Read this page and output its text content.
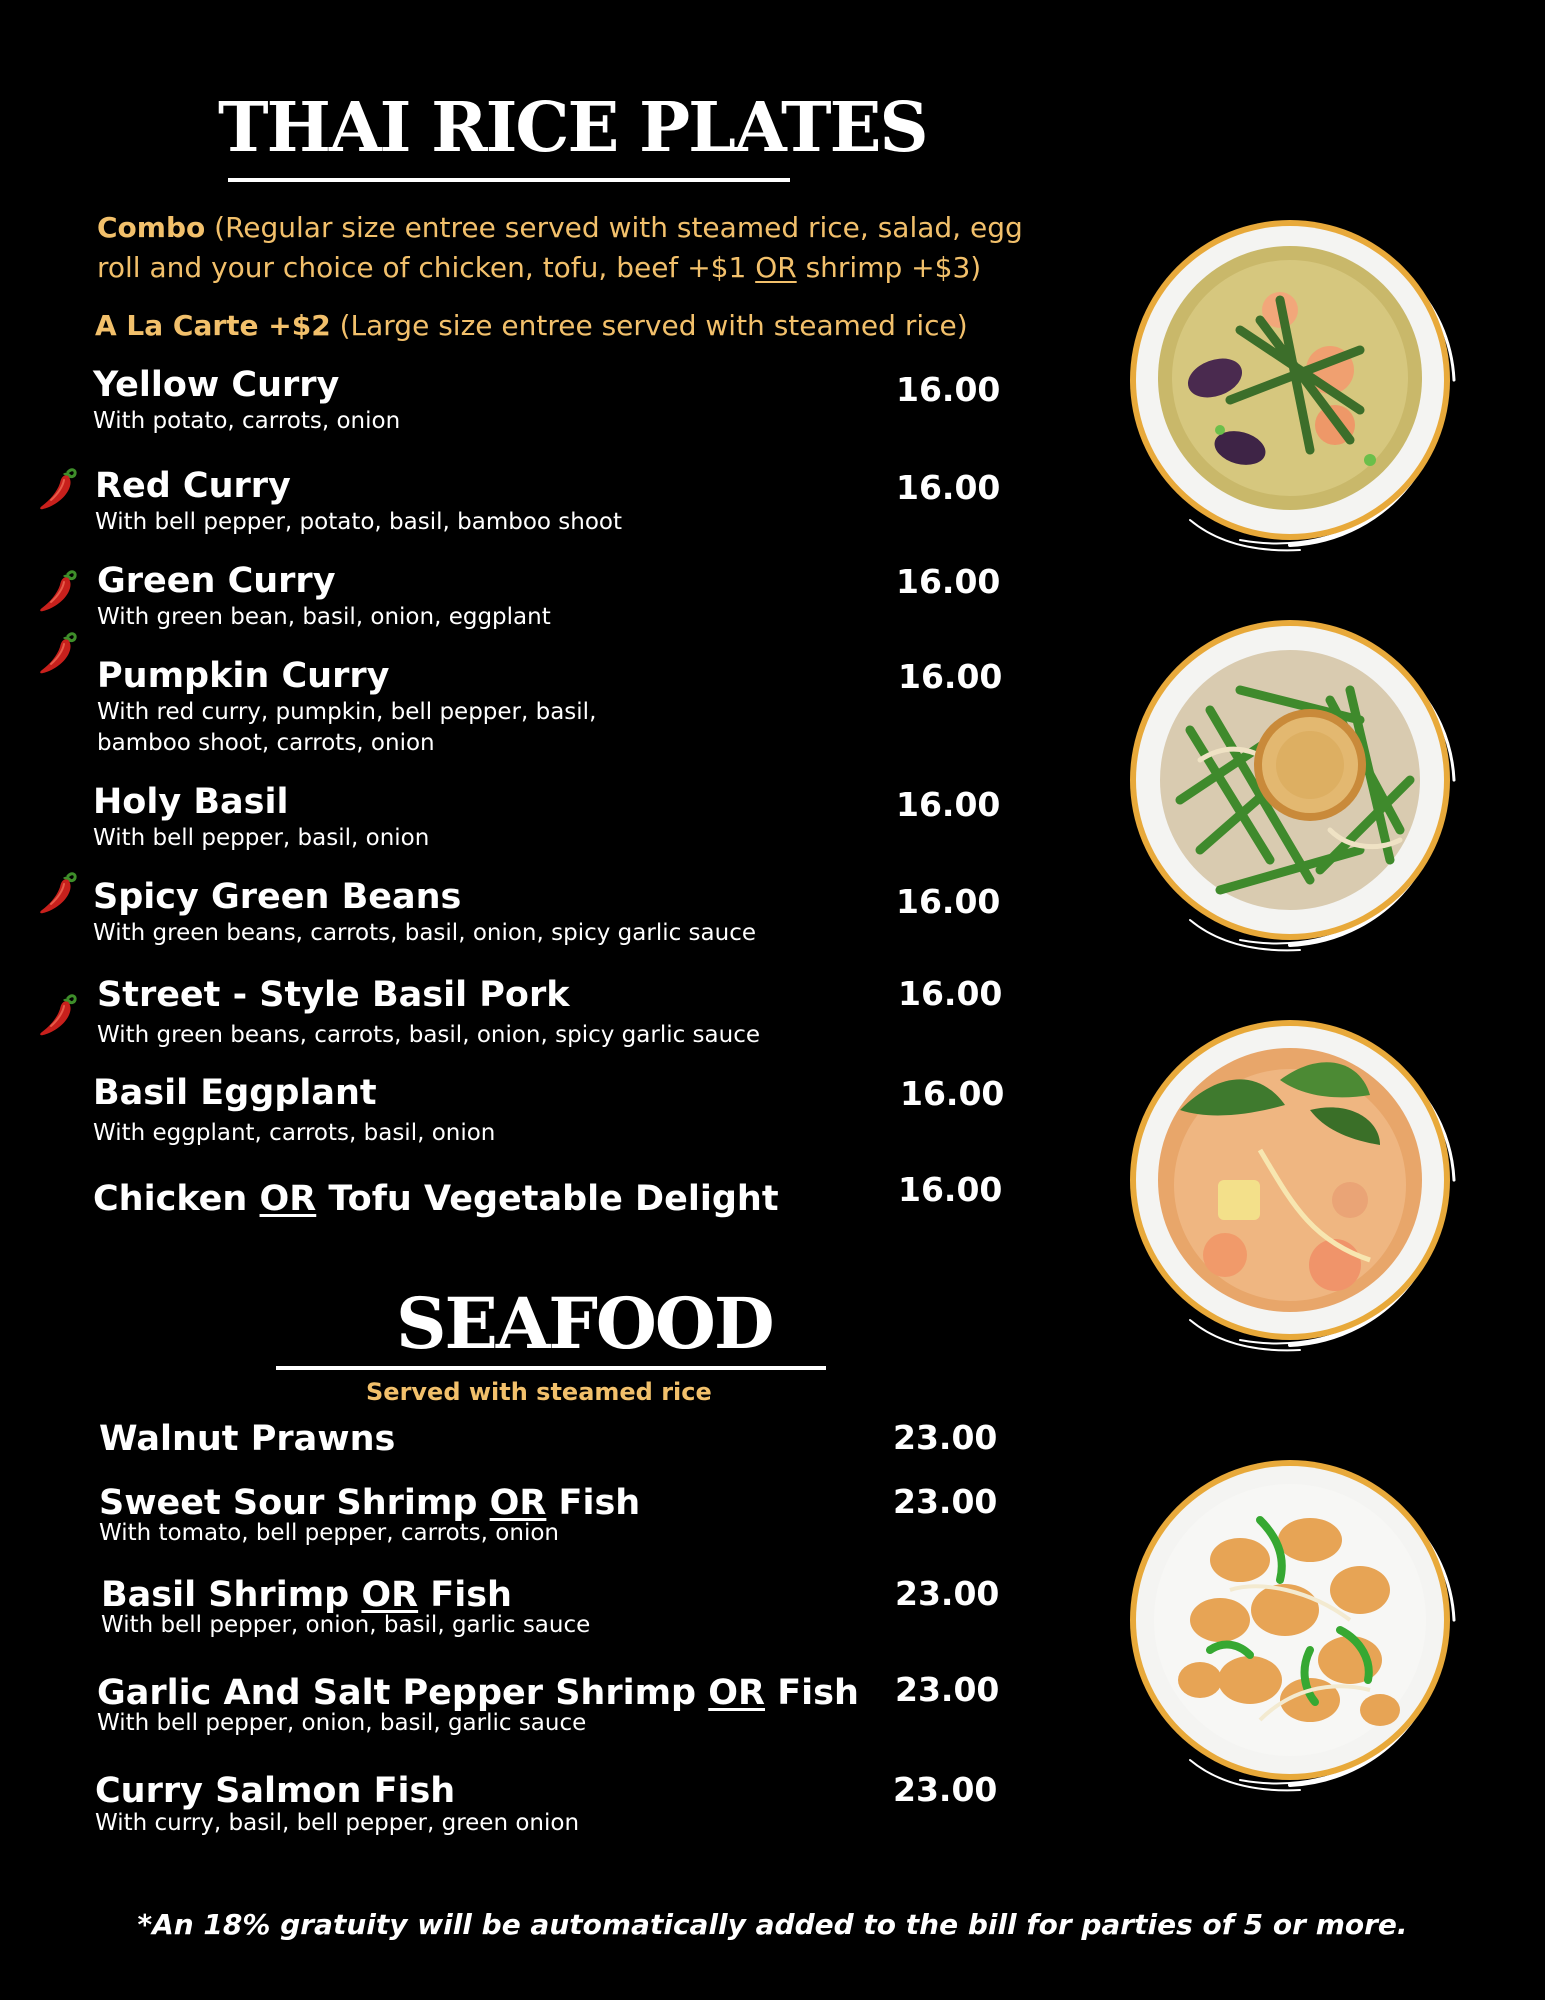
THAI RICE PLATES
Combo (Regular size entree served with steamed rice, salad, egg
roll and your choice of chicken, tofu, beef +$1 OR shrimp +$3)
A La Carte +$2 (Large size entree served with steamed rice)
Yellow Curry
With potato, carrots, onion
16.00
Red Curry
With bell pepper, potato, basil, bamboo shoot
16.00
Green Curry
With green bean, basil, onion, eggplant
16.00
Pumpkin Curry
With red curry, pumpkin, bell pepper, basil,
bamboo shoot, carrots, onion
16.00
Holy Basil
With bell pepper, basil, onion
16.00
Spicy Green Beans
With green beans, carrots, basil, onion, spicy garlic sauce
16.00
Street - Style Basil Pork
With green beans, carrots, basil, onion, spicy garlic sauce
16.00
Basil Eggplant
With eggplant, carrots, basil, onion
16.00
Chicken OR Tofu Vegetable Delight	16.00
SEAFOOD
Served with steamed rice
Walnut Prawns	23.00
Sweet Sour Shrimp OR Fish
With tomato, bell pepper, carrots, onion
23.00
Basil Shrimp OR Fish
With bell pepper, onion, basil, garlic sauce
23.00
Garlic And Salt Pepper Shrimp OR Fish
With bell pepper, onion, basil, garlic sauce
23.00
Curry Salmon Fish
With curry, basil, bell pepper, green onion
23.00
*An 18% gratuity will be automatically added to the bill for parties of 5 or more.
